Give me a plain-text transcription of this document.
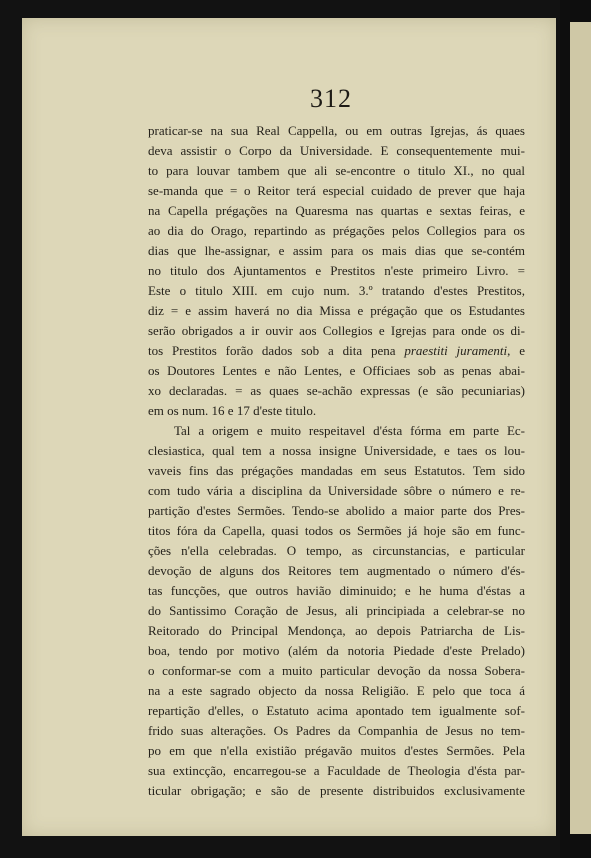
312
praticar-se na sua Real Cappella, ou em outras Igrejas, ás quaes
deva assistir o Corpo da Universidade. E consequentemente mui-
to para louvar tambem que ali se-encontre o titulo XI., no qual
se-manda que = o Reitor terá especial cuidado de prever que haja
na Capella prégações na Quaresma nas quartas e sextas feiras, e
ao dia do Orago, repartindo as prégações pelos Collegios para os
dias que lhe-assignar, e assim para os mais dias que se-contém
no titulo dos Ajuntamentos e Prestitos n'este primeiro Livro. =
Este o titulo XIII. em cujo num. 3.º tratando d'estes Prestitos,
diz = e assim haverá no dia Missa e prégação que os Estudantes
serão obrigados a ir ouvir aos Collegios e Igrejas para onde os di-
tos Prestitos forão dados sob a dita pena praestiti juramenti, e
os Doutores Lentes e não Lentes, e Officiaes sob as penas abai-
xo declaradas. = as quaes se-achão expressas (e são pecuniarias)
em os num. 16 e 17 d'este titulo.
Tal a origem e muito respeitavel d'ésta fórma em parte Ec-
clesiastica, qual tem a nossa insigne Universidade, e taes os lou-
vaveis fins das prégações mandadas em seus Estatutos. Tem sido
com tudo vária a disciplina da Universidade sôbre o número e re-
partição d'estes Sermões. Tendo-se abolido a maior parte dos Pres-
titos fóra da Capella, quasi todos os Sermões já hoje são em func-
ções n'ella celebradas. O tempo, as circunstancias, e particular
devoção de alguns dos Reitores tem augmentado o número d'és-
tas funcções, que outros havião diminuido; e he huma d'éstas a
do Santissimo Coração de Jesus, ali principiada a celebrar-se no
Reitorado do Principal Mendonça, ao depois Patriarcha de Lis-
boa, tendo por motivo (além da notoria Piedade d'este Prelado)
o conformar-se com a muito particular devoção da nossa Sobera-
na a este sagrado objecto da nossa Religião. E pelo que toca á
repartição d'elles, o Estatuto acima apontado tem igualmente sof-
frido suas alterações. Os Padres da Companhia de Jesus no tem-
po em que n'ella existião prégavão muitos d'estes Sermões. Pela
sua extincção, encarregou-se a Faculdade de Theologia d'ésta par-
ticular obrigação; e são de presente distribuidos exclusivamente
